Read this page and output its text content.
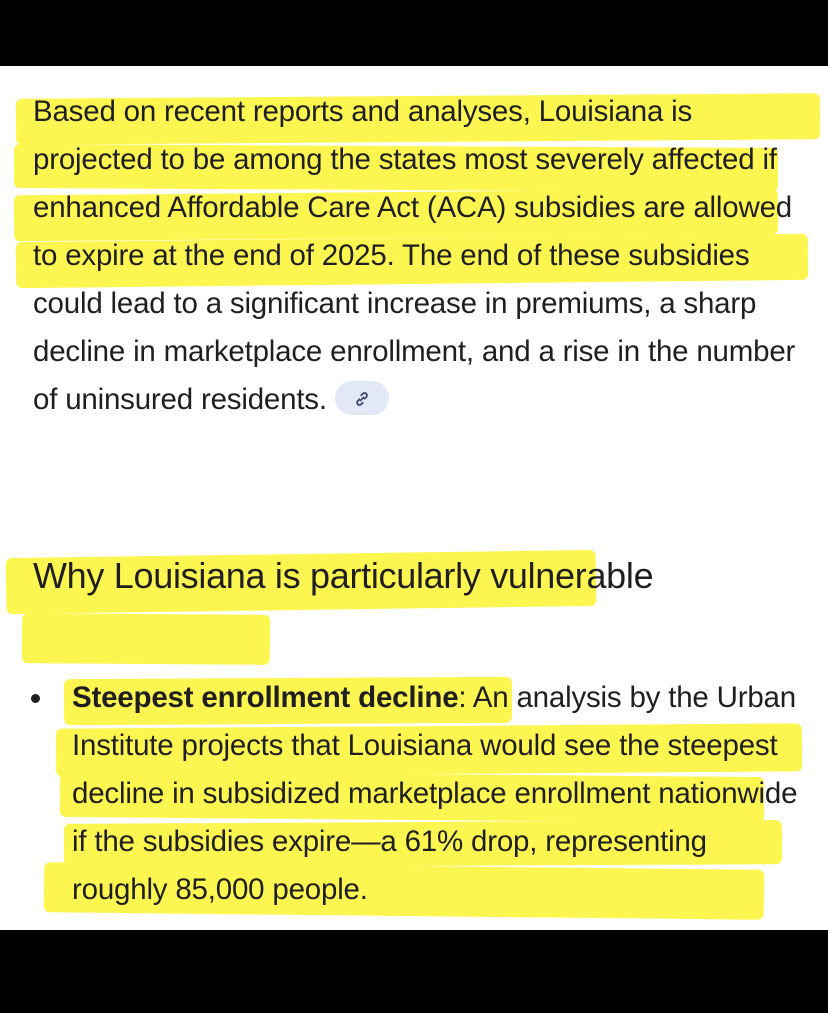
Based on recent reports and analyses, Louisiana is projected to be among the states most severely affected if enhanced Affordable Care Act (ACA) subsidies are allowed to expire at the end of 2025. The end of these subsidies could lead to a significant increase in premiums, a sharp decline in marketplace enrollment, and a rise in the number of uninsured residents.

Why Louisiana is particularly vulnerable
Steepest enrollment decline: An analysis by the Urban Institute projects that Louisiana would see the steepest decline in subsidized marketplace enrollment nationwide if the subsidies expire—a 61% drop, representing roughly 85,000 people.
